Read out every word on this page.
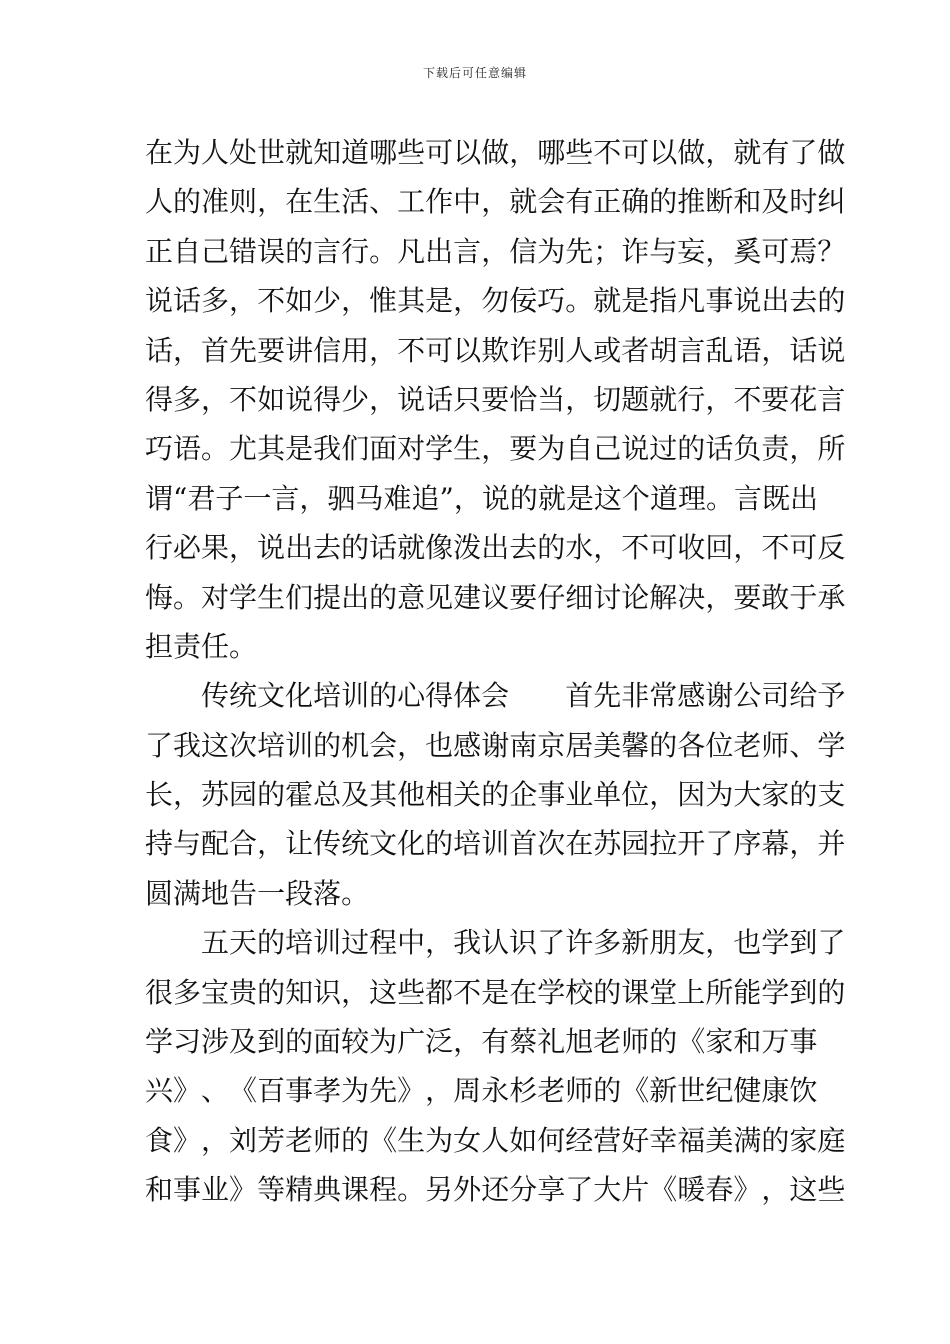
下载后可任意编辑
在 为 人 处 世 就 知 道 哪 些 可 以 做 ， 哪 些 不 可 以 做 ， 就 有 了 做
人 的 准 则 ， 在 生 活 、 工 作 中 ， 就 会 有 正 确 的 推 断 和 及 时 纠
正 自 己 错 误 的 言 行 。 凡 出 言 ， 信 为 先 ； 诈 与 妄 ， 奚 可 焉 ？
说 话 多 ， 不 如 少 ， 惟 其 是 ， 勿 佞 巧 。 就 是 指 凡 事 说 出 去 的
话 ， 首 先 要 讲 信 用 ， 不 可 以 欺 诈 别 人 或 者 胡 言 乱 语 ， 话 说
得 多 ， 不 如 说 得 少 ， 说 话 只 要 恰 当 ， 切 题 就 行 ， 不 要 花 言
巧 语 。 尤 其 是 我 们 面 对 学 生 ， 要 为 自 己 说 过 的 话 负 责 ， 所
谓 “ 君 子 一 言 ， 驷 马 难 追 ” ， 说 的 就 是 这 个 道 理 。 言 既 出
行 必 果 ， 说 出 去 的 话 就 像 泼 出 去 的 水 ， 不 可 收 回 ， 不 可 反
悔 。 对 学 生 们 提 出 的 意 见 建 议 要 仔 细 讨 论 解 决 ， 要 敢 于 承
担 责 任 。
传 统 文 化 培 训 的 心 得 体 会

　 首 先 非 常 感 谢 公 司 给 予
了 我 这 次 培 训 的 机 会 ， 也 感 谢 南 京 居 美 馨 的 各 位 老 师 、 学
长 ， 苏 园 的 霍 总 及 其 他 相 关 的 企 事 业 单 位 ， 因 为 大 家 的 支
持 与 配 合 ， 让 传 统 文 化 的 培 训 首 次 在 苏 园 拉 开 了 序 幕 ， 并
圆 满 地 告 一 段 落 。
五 天 的 培 训 过 程 中 ， 我 认 识 了 许 多 新 朋 友 ， 也 学 到 了
很 多 宝 贵 的 知 识 ， 这 些 都 不 是 在 学 校 的 课 堂 上 所 能 学 到 的
学 习 涉 及 到 的 面 较 为 广 泛 ， 有 蔡 礼 旭 老 师 的 《 家 和 万 事
兴 》 、 《 百 事 孝 为 先 》 ， 周 永 杉 老 师 的 《 新 世 纪 健 康 饮
食 》 ， 刘 芳 老 师 的 《 生 为 女 人 如 何 经 营 好 幸 福 美 满 的 家 庭
和 事 业 》 等 精 典 课 程 。 另 外 还 分 享 了 大 片 《 暖 春 》 ， 这 些
